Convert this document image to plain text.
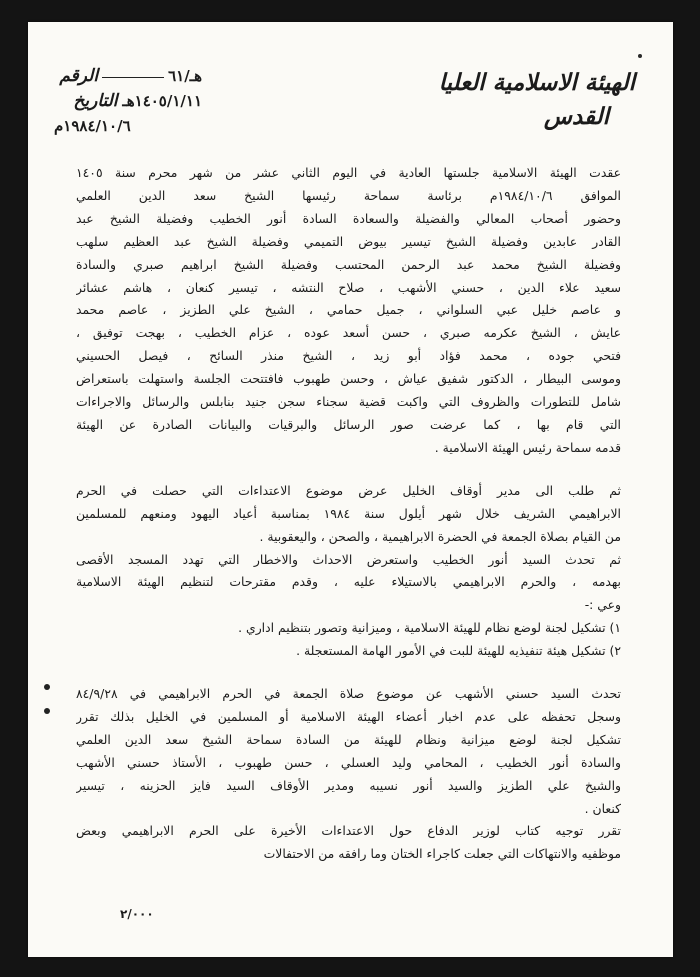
الهيئة الاسلامية العليا
القدس
هـ/٦١الرقم
١٤٠٥/١/١١هـ التاريخ
١٩٨٤/١٠/٦م
عقدت الهيئة الاسلامية جلستها العادية في اليوم الثاني عشر من شهر محرم سنة ١٤٠٥
الموافق ١٩٨٤/١٠/٦م برئاسة سماحة رئيسها الشيخ سعد الدين العلمي
وحضور أصحاب المعالي والفضيلة والسعادة السادة أنور الخطيب وفضيلة الشيخ عبد
القادر عابدين وفضيلة الشيخ تيسير بيوض التميمي وفضيلة الشيخ عبد العظيم سلهب
وفضيلة الشيخ محمد عبد الرحمن المحتسب وفضيلة الشيخ ابراهيم صبري والسادة
سعيد علاء الدين ، حسني الأشهب ، صلاح النتشه ، تيسير كنعان ، هاشم عشائر
و عاصم خليل عبي السلواني ، جميل حمامي ، الشيخ علي الطزيز ، عاصم محمد
عايش ، الشيخ عكرمه صبري ، حسن أسعد عوده ، عزام الخطيب ، بهجت توفيق ،
فتحي جوده ، محمد فؤاد أبو زيد ، الشيخ منذر السائح ، فيصل الحسيني
وموسى البيطار ، الدكتور شفيق عياش ، وحسن طهبوب فافتتحت الجلسة واستهلت باستعراض
شامل للتطورات والظروف التي واكبت قضية سجناء سجن جنيد بنابلس والرسائل والاجراءات
التي قام بها ، كما عرضت صور الرسائل والبرقيات والبيانات الصادرة عن الهيئة
قدمه سماحة رئيس الهيئة الاسلامية .
ثم طلب الى مدير أوقاف الخليل عرض موضوع الاعتداءات التي حصلت في الحرم
الابراهيمي الشريف خلال شهر أيلول سنة ١٩٨٤ بمناسبة أعياد اليهود ومنعهم للمسلمين
من القيام بصلاة الجمعة في الحضرة الابراهيمية ، والصحن ، واليعقوبية .
ثم تحدث السيد أنور الخطيب واستعرض الاحداث والاخطار التي تهدد المسجد الأقصى
بهدمه ، والحرم الابراهيمي بالاستيلاء عليه ، وقدم مقترحات لتنظيم الهيئة الاسلامية
وعي :-
١) تشكيل لجنة لوضع نظام للهيئة الاسلامية ، وميزانية وتصور بتنظيم اداري .
٢) تشكيل هيئة تنفيذيه للهيئة للبت في الأمور الهامة المستعجلة .
تحدث السيد حسني الأشهب عن موضوع صلاة الجمعة في الحرم الابراهيمي في ٨٤/٩/٢٨
وسجل تحفظه على عدم اخبار أعضاء الهيئة الاسلامية أو المسلمين في الخليل بذلك تقرر
تشكيل لجنة لوضع ميزانية ونظام للهيئة من السادة سماحة الشيخ سعد الدين العلمي
والسادة أنور الخطيب ، المحامي وليد العسلي ، حسن طهبوب ، الأستاذ حسني الأشهب
والشيخ علي الطزيز والسيد أنور نسيبه ومدير الأوقاف السيد فايز الحزينه ، تيسير
كنعان .
تقرر توجيه كتاب لوزير الدفاع حول الاعتداءات الأخيرة على الحرم الابراهيمي وبعض
موظفيه والانتهاكات التي جعلت كاجراء الختان وما رافقه من الاحتفالات
٢/٠٠٠
